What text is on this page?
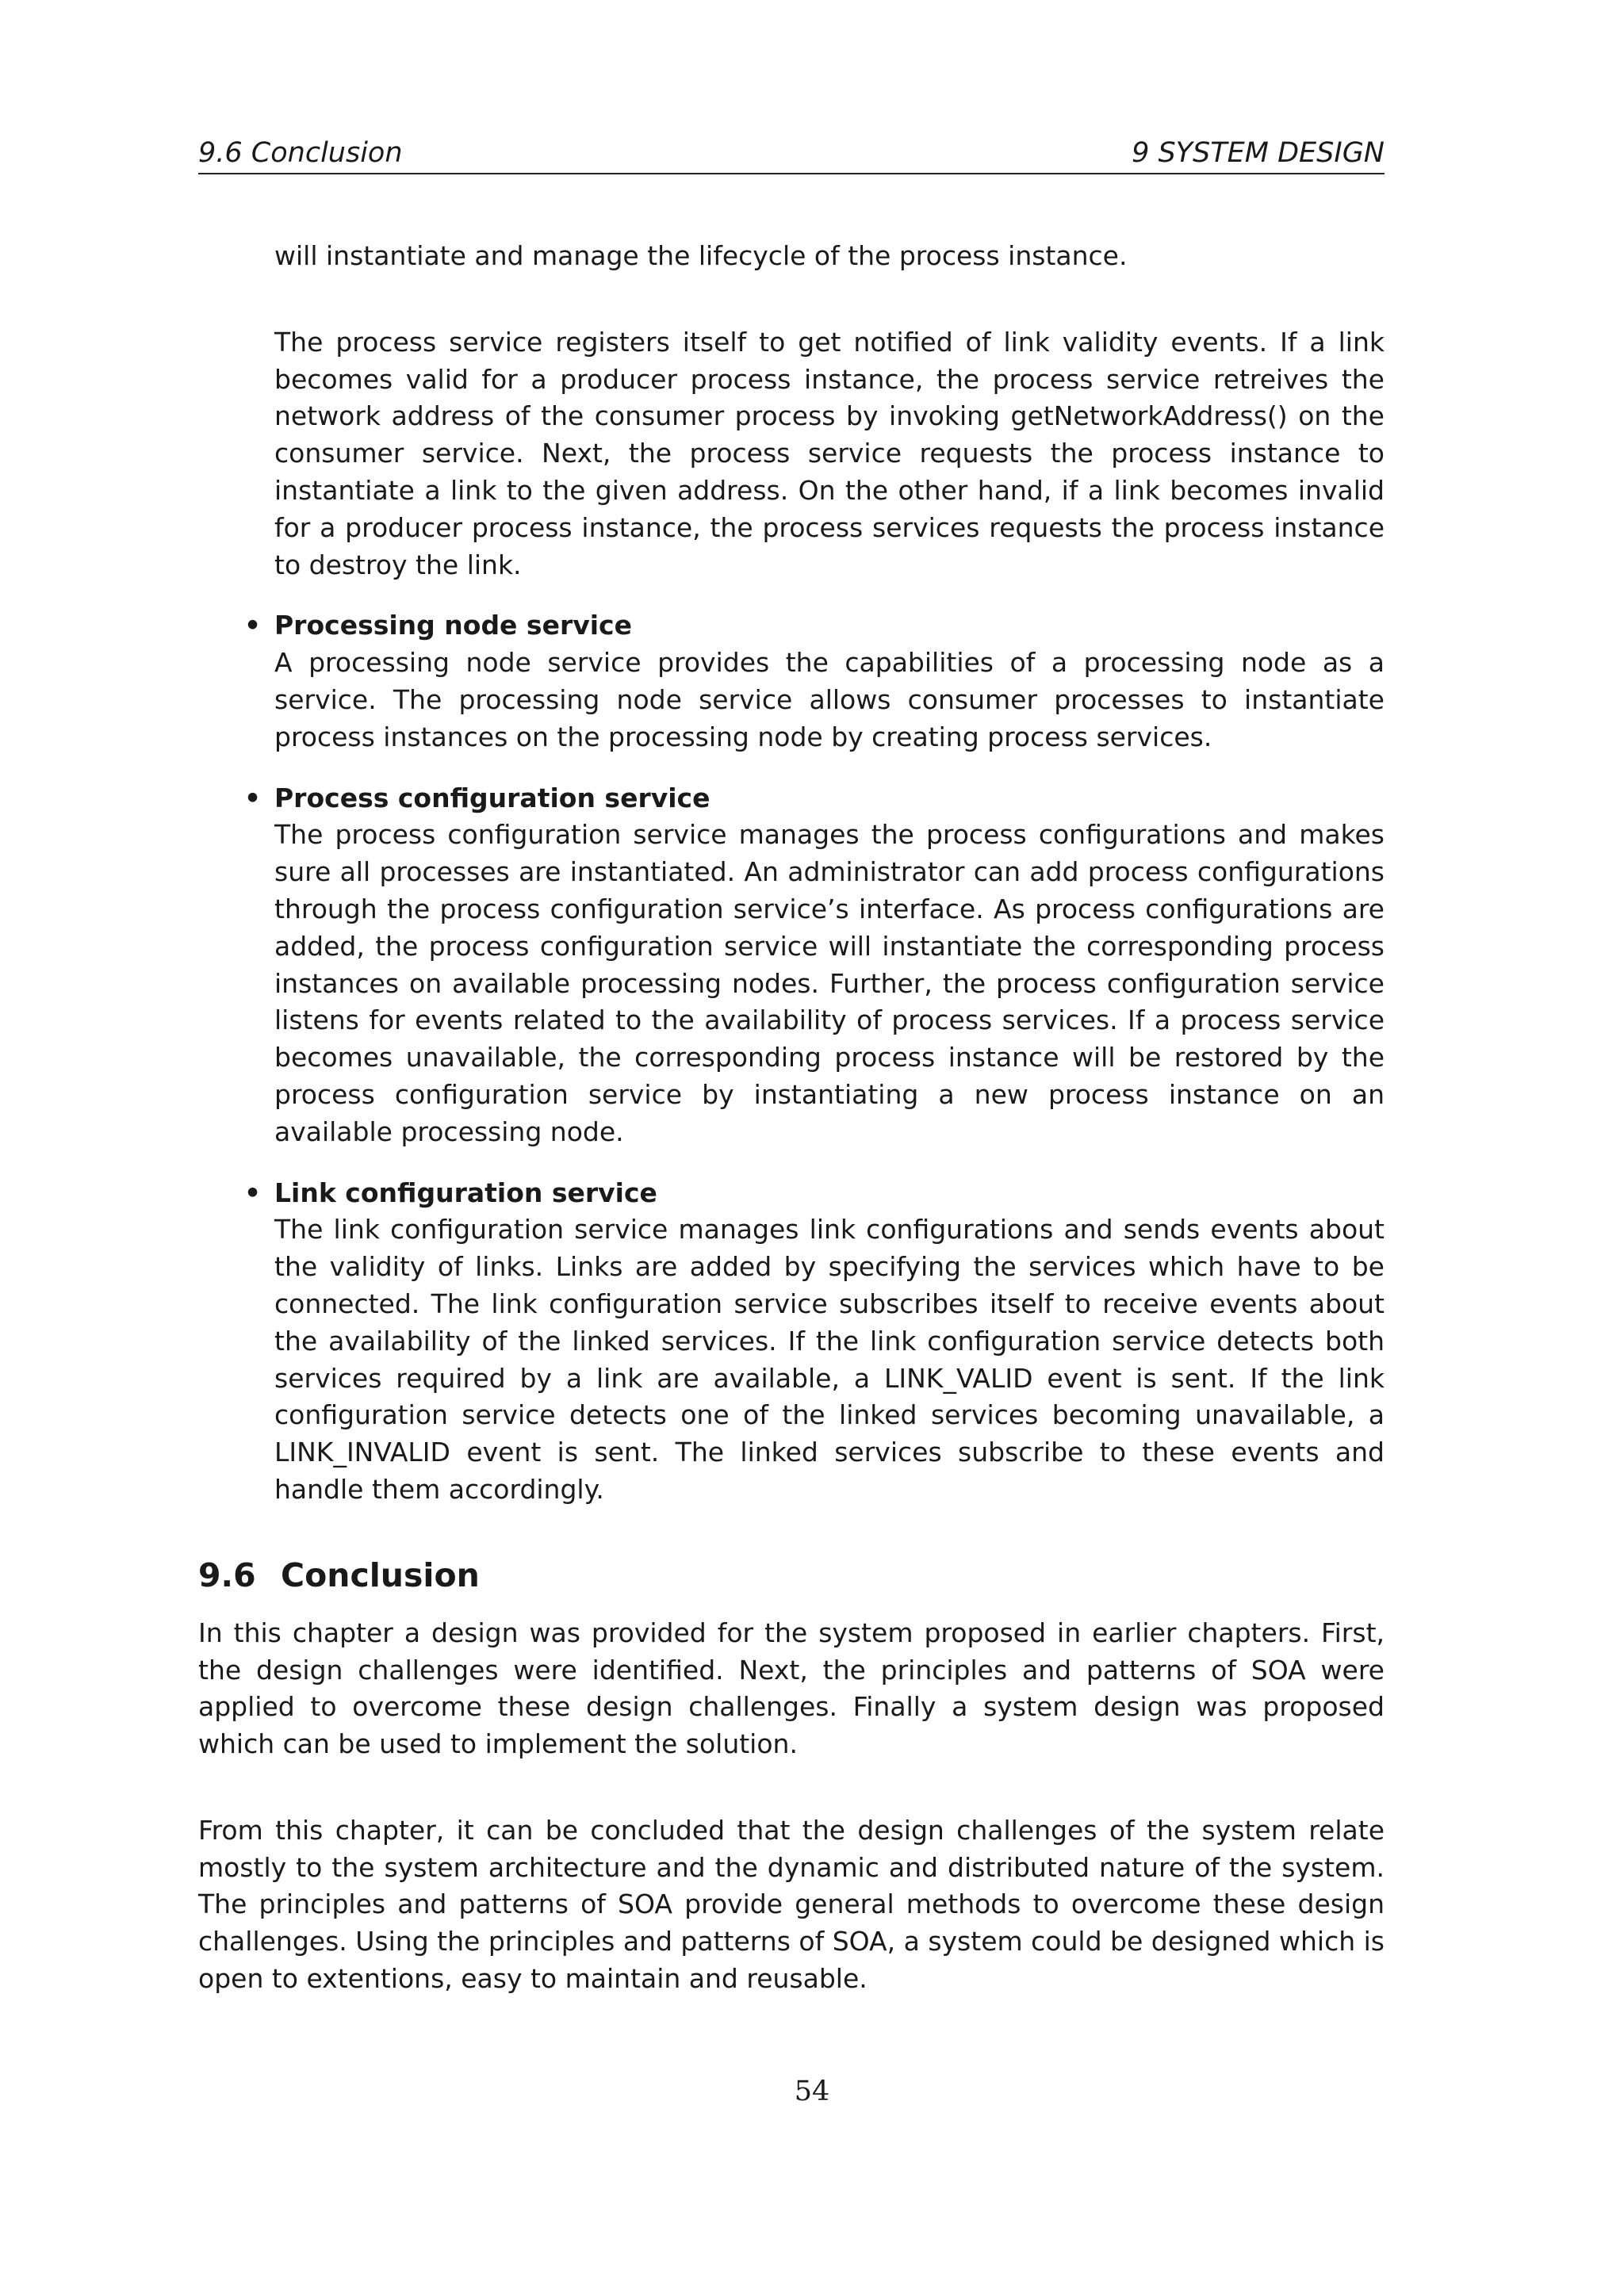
9.6 Conclusion	9 SYSTEM DESIGN

will instantiate and manage the lifecycle of the process instance.

The process service registers itself to get notified of link validity events. If a link becomes valid for a producer process instance, the process service retreives the network address of the consumer process by invoking getNetworkAddress() on the consumer service. Next, the process service requests the process instance to instantiate a link to the given address. On the other hand, if a link becomes invalid for a producer process instance, the process services requests the process instance to destroy the link.

• Processing node service
A processing node service provides the capabilities of a processing node as a service. The processing node service allows consumer processes to instantiate process instances on the processing node by creating process services.
• Process configuration service
The process configuration service manages the process configurations and makes sure all processes are instantiated. An administrator can add process configurations through the process configuration service’s interface. As process configurations are added, the process configuration service will instantiate the corresponding process instances on available processing nodes. Further, the process configuration service listens for events related to the availability of process services. If a process service becomes unavailable, the corresponding process instance will be restored by the process configuration service by instantiating a new process instance on an available processing node.
• Link configuration service
The link configuration service manages link configurations and sends events about the validity of links. Links are added by specifying the services which have to be connected. The link configuration service subscribes itself to receive events about the availability of the linked services. If the link configuration service detects both services required by a link are available, a LINK_VALID event is sent. If the link configuration service detects one of the linked services becoming unavailable, a LINK_INVALID event is sent. The linked services subscribe to these events and handle them accordingly.
9.6 Conclusion

In this chapter a design was provided for the system proposed in earlier chapters. First, the design challenges were identified. Next, the principles and patterns of SOA were applied to overcome these design challenges. Finally a system design was proposed which can be used to implement the solution.

From this chapter, it can be concluded that the design challenges of the system relate mostly to the system architecture and the dynamic and distributed nature of the system. The principles and patterns of SOA provide general methods to overcome these design challenges. Using the principles and patterns of SOA, a system could be designed which is open to extentions, easy to maintain and reusable.

54
